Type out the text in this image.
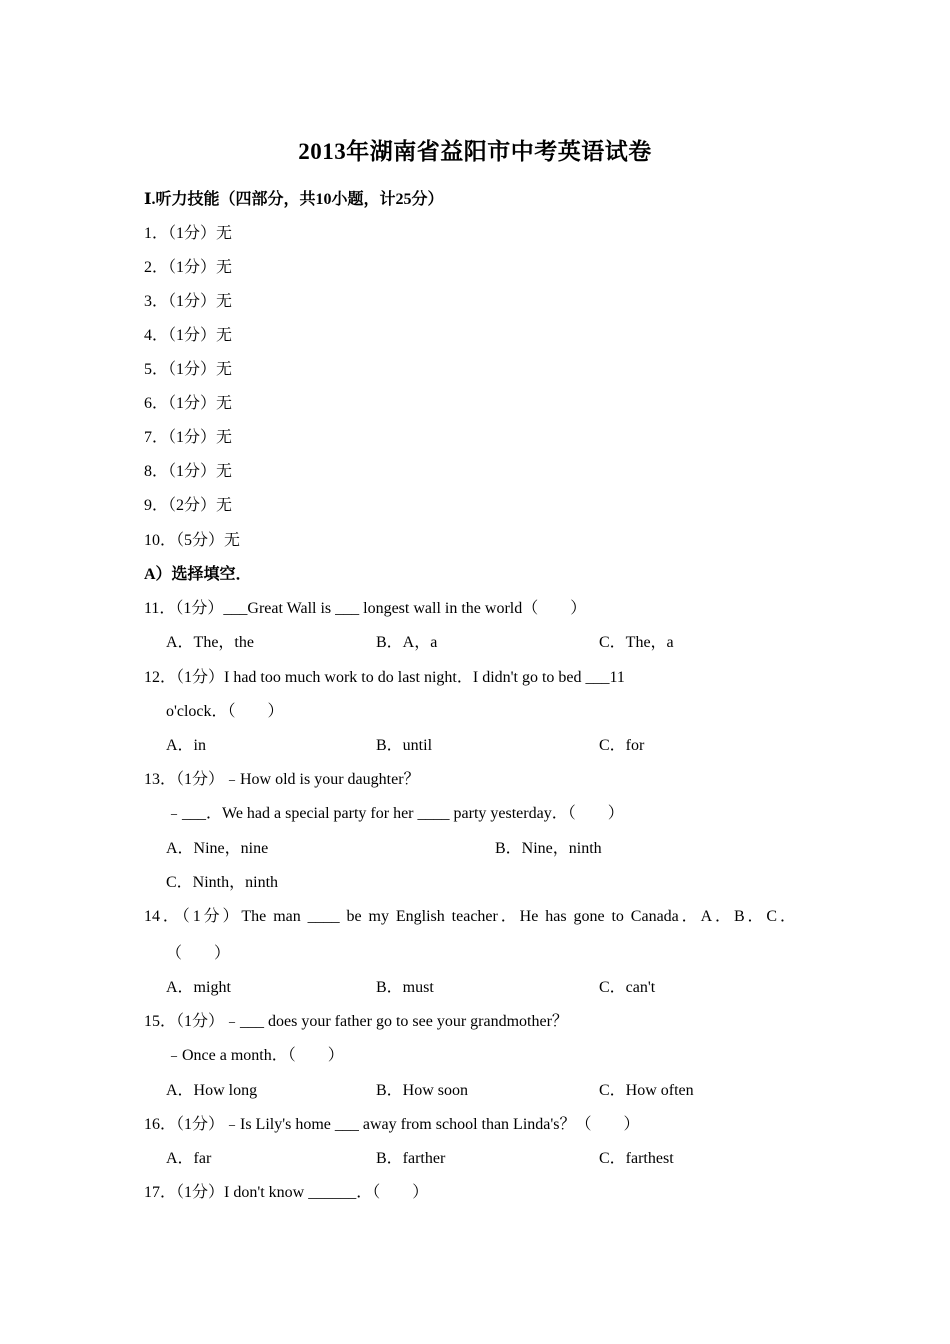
2013年湖南省益阳市中考英语试卷
Ⅰ.听力技能（四部分，共10小题，计25分）
1．（1分）无
2．（1分）无
3．（1分）无
4．（1分）无
5．（1分）无
6．（1分）无
7．（1分）无
8．（1分）无
9．（2分）无
10．（5分）无
A）选择填空．
11．（1分）___Great Wall is ___ longest wall in the world（　　）
A．The，the	B．A，a	C．The，a
12．（1分）I had too much work to do last night．I didn't go to bed ___11
o'clock．（　　）
A．in	B．until	C．for
13．（1分）﹣How old is your daughter？
﹣___．We had a special party for her ____ party yesterday．（　　）
A．Nine，nine	B．Nine，ninth
C．Ninth，ninth
14．（1分）The man ____ be my English teacher．He has gone to Canada．A．B．C．
（　　）
A．might	B．must	C．can't
15．（1分）﹣___ does your father go to see your grandmother？
﹣Once a month．（　　）
A．How long	B．How soon	C．How often
16．（1分）﹣Is Lily's home ___ away from school than Linda's？（　　）
A．far	B．farther	C．farthest
17．（1分）I don't know ______．（　　）
